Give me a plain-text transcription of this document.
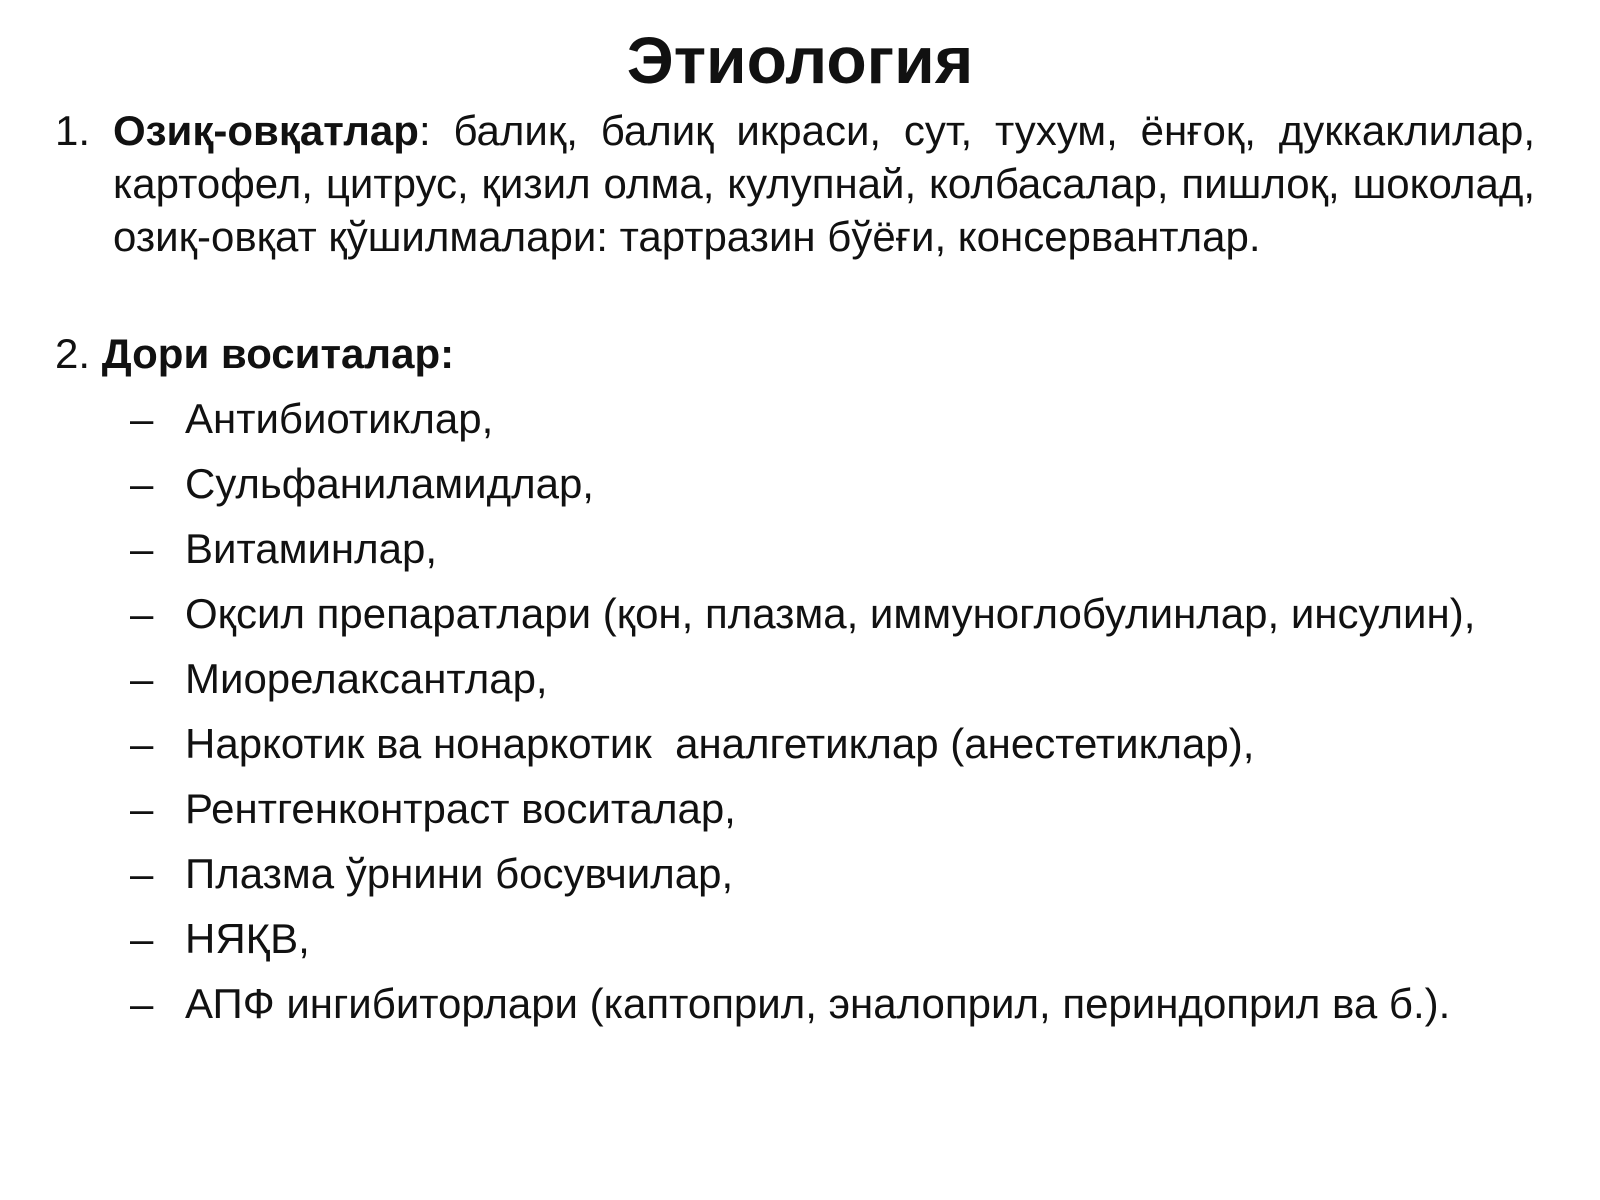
Этиология
1. Озиқ-овқатлар: балиқ, балиқ икраси, сут, тухум, ёнғоқ, дуккаклилар, картофел, цитрус, қизил олма, кулупнай, колбасалар, пишлоқ, шоколад, озиқ-овқат қўшилмалари: тартразин бўёғи, консервантлар.
2. Дори воситалар:
– Антибиотиклар,
– Сульфаниламидлар,
– Витаминлар,
– Оқсил препаратлари (қон, плазма, иммуноглобулинлар, инсулин),
– Миорелаксантлар,
– Наркотик ва нонаркотик  аналгетиклар (анестетиклар),
– Рентгенконтраст воситалар,
– Плазма ўрнини босувчилар,
– НЯҚВ,
– АПФ ингибиторлари (каптоприл, эналоприл, периндоприл ва б.).
